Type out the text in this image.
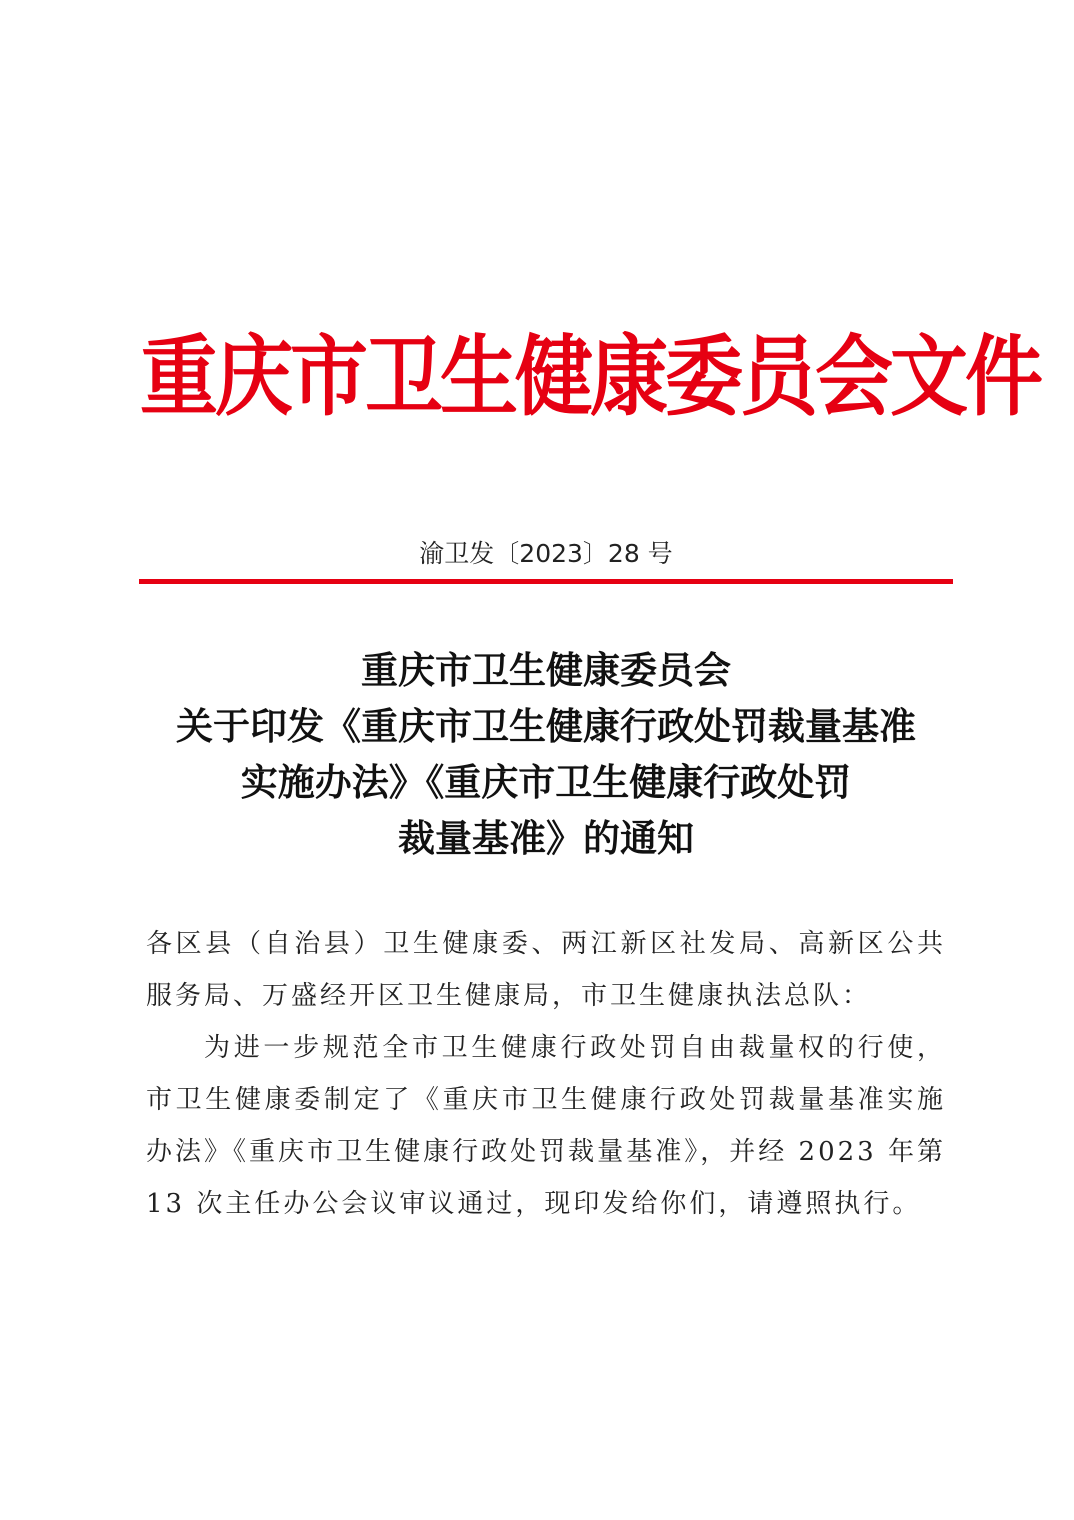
重庆市卫生健康委员会文件
渝卫发〔2023〕28 号
重庆市卫生健康委员会
关于印发《重庆市卫生健康行政处罚裁量基准
实施办法》《重庆市卫生健康行政处罚
裁量基准》的通知

各区县（自治县）卫生健康委、两江新区社发局、高新区公共服务局、万盛经开区卫生健康局，市卫生健康执法总队：

为进一步规范全市卫生健康行政处罚自由裁量权的行使，市卫生健康委制定了《重庆市卫生健康行政处罚裁量基准实施办法》《重庆市卫生健康行政处罚裁量基准》，并经 2023 年第 13 次主任办公会议审议通过，现印发给你们，请遵照执行。
